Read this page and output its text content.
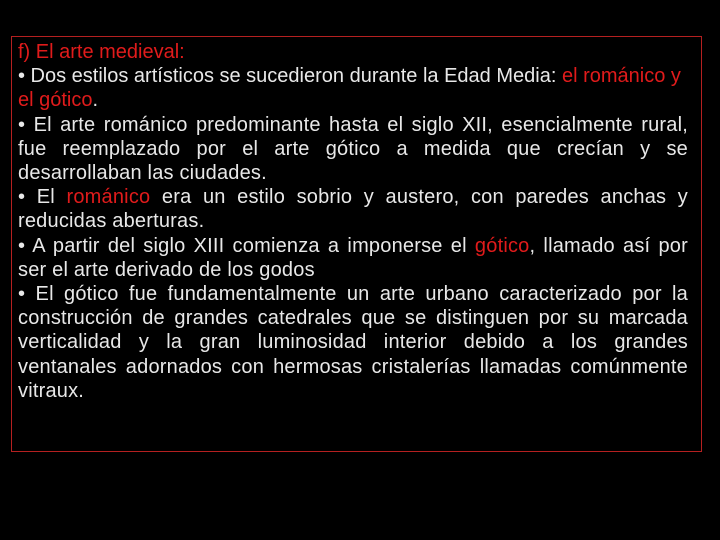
f) El arte medieval:

• Dos estilos artísticos se sucedieron durante la Edad Media: el románico y el gótico.

• El arte románico predominante hasta el siglo XII, esencialmente rural, fue reemplazado por el arte gótico a medida que crecían y se desarrollaban las ciudades.

• El románico era un estilo sobrio y austero, con paredes anchas y reducidas aberturas.

• A partir del siglo XIII comienza a imponerse el gótico, llamado así por ser el arte derivado de los godos

• El gótico fue fundamentalmente un arte urbano caracterizado por la construcción de grandes catedrales que se distinguen por su marcada verticalidad y la gran luminosidad interior debido a los grandes ventanales adornados con hermosas cristalerías llamadas comúnmente vitraux.
